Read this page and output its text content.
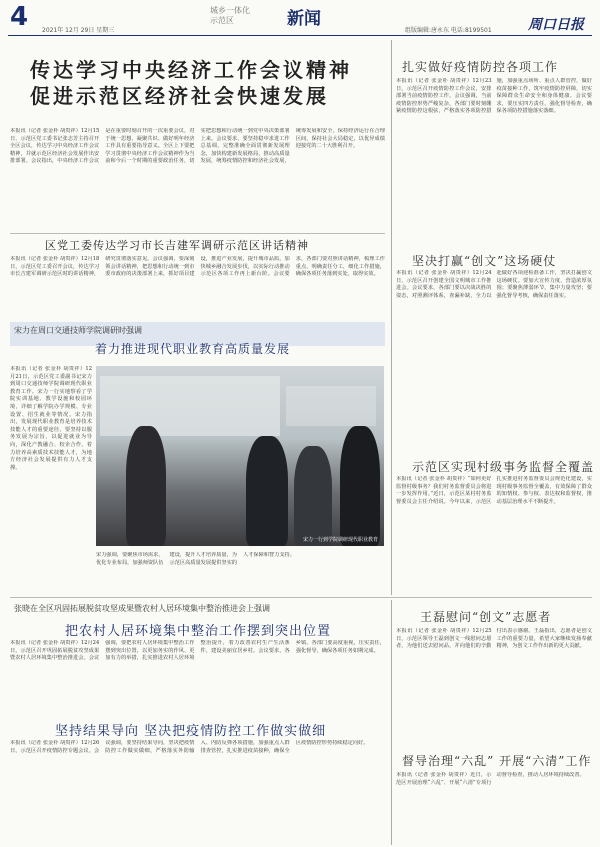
4	城乡一体化
示范区	新闻
2021年 12月 29日 星期三	组版编辑:唐永东 电话:8199501	周口日报
传达学习中央经济工作会议精神
促进示范区经济社会快速发展
本报讯（记者 张金朴 胡贵祥）12月15日，示范区党工委书记张志芳主持召开全区会议，传达学习中央经济工作会议精神，并就示范区经济社会发展作出安排部署。会议指出，中央经济工作会议是在重要时刻召开的一次重要会议，对于统一思想、凝聚共识、做好明年经济工作具有重要指导意义。全区上下要把学习贯彻中央经济工作会议精神作为当前和今后一个时期的重要政治任务，切实把思想和行动统一到党中央决策部署上来。会议要求，要坚持稳中求进工作总基调，完整准确全面贯彻新发展理念，加快构建新发展格局，推动高质量发展，统筹疫情防控和经济社会发展，统筹发展和安全，保持经济运行在合理区间，保持社会大局稳定，以优异成绩迎接党的二十大胜利召开。
区党工委传达学习市长吉建军调研示范区讲话精神
本报讯（记者 张金朴 胡贵祥）12月18日，示范区党工委召开会议，传达学习市长吉建军调研示范区时的讲话精神，研究贯彻落实意见。会议强调，要深刻领会讲话精神，把思想和行动统一到市委市政府的决策部署上来，抓好项目建设，推进产业发展，提升城市品质，加快城乡融合发展步伐，以实际行动推动示范区各项工作再上新台阶。会议要求，各部门要对照讲话精神，梳理工作重点，明确责任分工，细化工作措施，确保各项任务落到实处、取得实效。
宋力在周口交通技师学院调研时强调
着力推进现代职业教育高质量发展
本报讯（记者 张金朴 胡贵祥）12月21日，示范区党工委副书记宋力到周口交通技师学院调研现代职业教育工作。宋力一行实地察看了学院实训基地、教学设施和校园环境，详细了解学院办学规模、专业设置、招生就业等情况。宋力指出，发展现代职业教育是培养技术技能人才的重要途径，要坚持以服务发展为宗旨、以促进就业为导向，深化产教融合、校企合作，着力培养高素质技术技能人才，为地方经济社会发展提供有力人才支撑。
宋力一行到学院调研现代职业教育
宋力强调，要聚焦市场需求，优化专业布局，加强师资队伍建设，提升人才培养质量，为示范区高质量发展提供坚实的人才保障和智力支持。
扎实做好疫情防控各项工作
本报讯（记者 张金朴 胡贵祥）12月23日，示范区召开疫情防控工作会议，安排部署当前疫情防控工作。会议强调，当前疫情防控形势严峻复杂，各部门要时刻绷紧疫情防控这根弦，严格落实各项防控措施，加强重点场所、重点人群管控，做好疫苗接种工作，筑牢疫情防控屏障，切实保障群众生命安全和身体健康。会议要求，要压实四方责任，强化督导检查，确保各项防控措施落实落细。
坚决打赢“创文”这场硬仗
本报讯（记者 张金朴 胡贵祥）12月24日，示范区召开创建全国文明城市工作推进会。会议要求，各部门要以决战决胜的姿态，对照测评体系，查漏补缺，全力以赴做好各项迎检准备工作，坚决打赢创文这场硬仗。要加大宣传力度，营造浓厚氛围；要聚焦薄弱环节，集中力量攻坚；要强化督导考核，确保责任落实。
示范区实现村级事务监督全覆盖
本报讯（记者 张金朴 胡贵祥）“如何更好监督村级事务？我们村务监督委员会将进一步发挥作用。”近日，示范区某村村务监督委员会主任介绍说。今年以来，示范区扎实推进村务监督委员会规范化建设，实现村级事务监督全覆盖，有效保障了群众的知情权、参与权、表达权和监督权，推动基层治理水平不断提升。
张晓在全区巩固拓展脱贫攻坚成果暨农村人居环境集中整治推进会上强调
把农村人居环境集中整治工作摆到突出位置
本报讯（记者 张金朴 胡贵祥）12月24日，示范区召开巩固拓展脱贫攻坚成果暨农村人居环境集中整治推进会。会议强调，要把农村人居环境集中整治工作摆到突出位置，以更加务实的作风、更加有力的举措，扎实推进农村人居环境整治提升，着力改善农村生产生活条件，建设美丽宜居乡村。会议要求，各乡镇、各部门要高度重视，压实责任，强化督导，确保各项任务如期完成。
坚持结果导向 坚决把疫情防控工作做实做细
本报讯（记者 张金朴 胡贵祥）12月26日，示范区召开疫情防控专题会议。会议强调，要坚持结果导向，坚决把疫情防控工作做实做细，严格落实外防输入、内防反弹各项措施，加强重点人群排查管控，扎实推进疫苗接种，确保全区疫情防控形势持续稳定向好。
王磊慰问“创文”志愿者
本报讯（记者 张金朴 胡贵祥）12月25日，示范区领导王磊到创文一线慰问志愿者，为他们送去慰问品，并向他们的辛勤付出表示感谢。王磊指出，志愿者是创文工作的重要力量，希望大家继续发扬奉献精神，为创文工作作出新的更大贡献。
督导治理“六乱” 开展“六清”工作
本报讯（记者 张金朴 胡贵祥）近日，示范区开展治理“六乱”、开展“六清”专项行动督导检查，推动人居环境持续改善。
